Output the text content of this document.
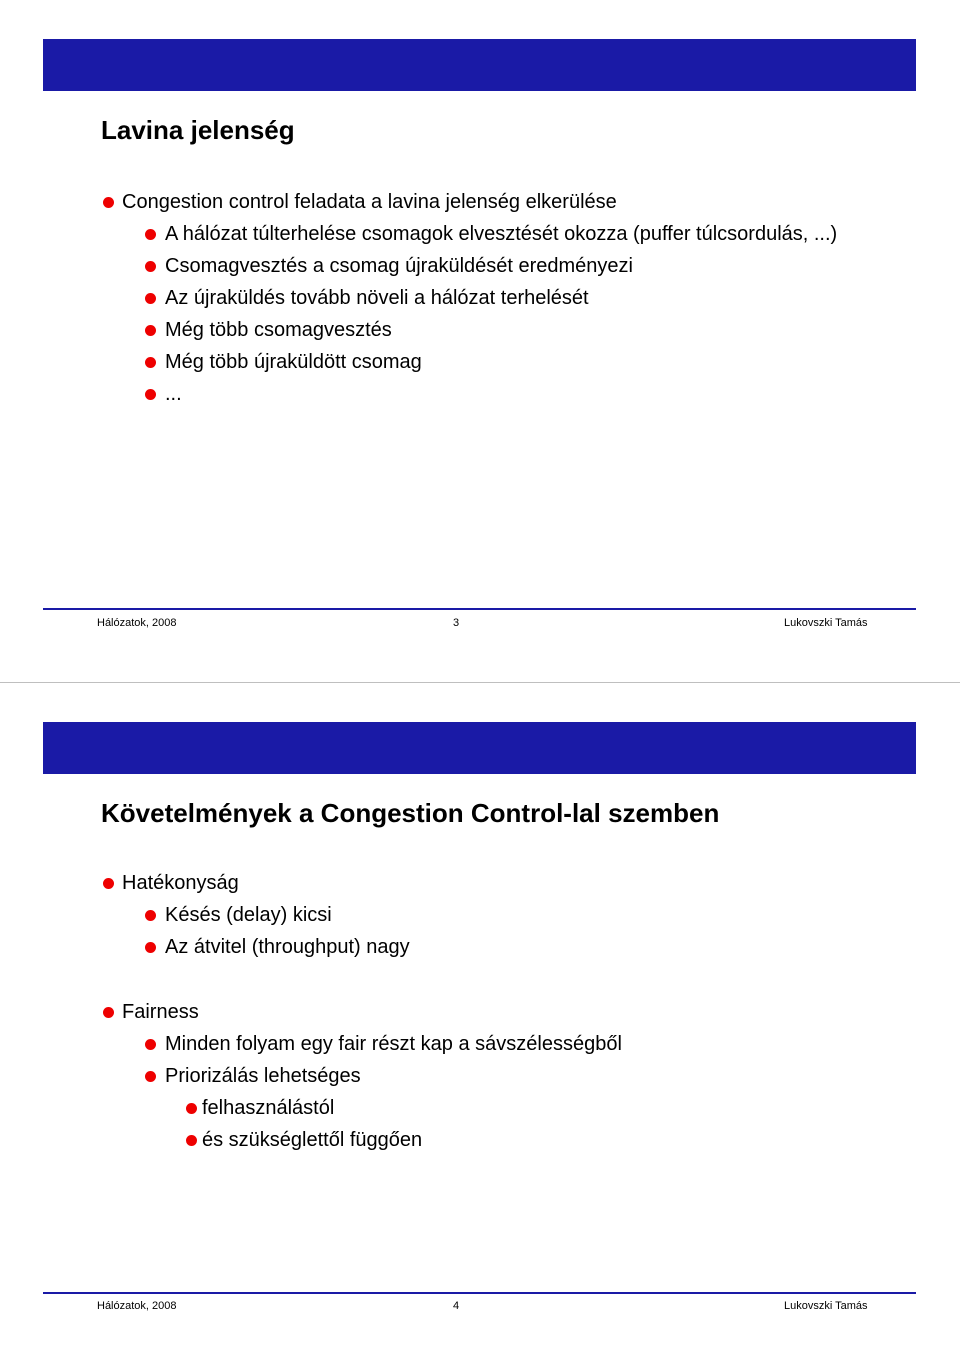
Lavina jelenség
Congestion control feladata a lavina jelenség elkerülése
A hálózat túlterhelése csomagok elvesztését okozza (puffer túlcsordulás, ...)
Csomagvesztés a csomag újraküldését eredményezi
Az újraküldés tovább növeli a hálózat terhelését
Még több csomagvesztés
Még több újraküldött csomag
...
Hálózatok, 2008	3	Lukovszki Tamás
Követelmények a Congestion Control-lal szemben
Hatékonyság
Késés (delay) kicsi
Az átvitel (throughput) nagy
Fairness
Minden folyam egy fair részt kap a sávszélességből
Priorizálás lehetséges
felhasználástól
és szükséglettől függően
Hálózatok, 2008	4	Lukovszki Tamás
